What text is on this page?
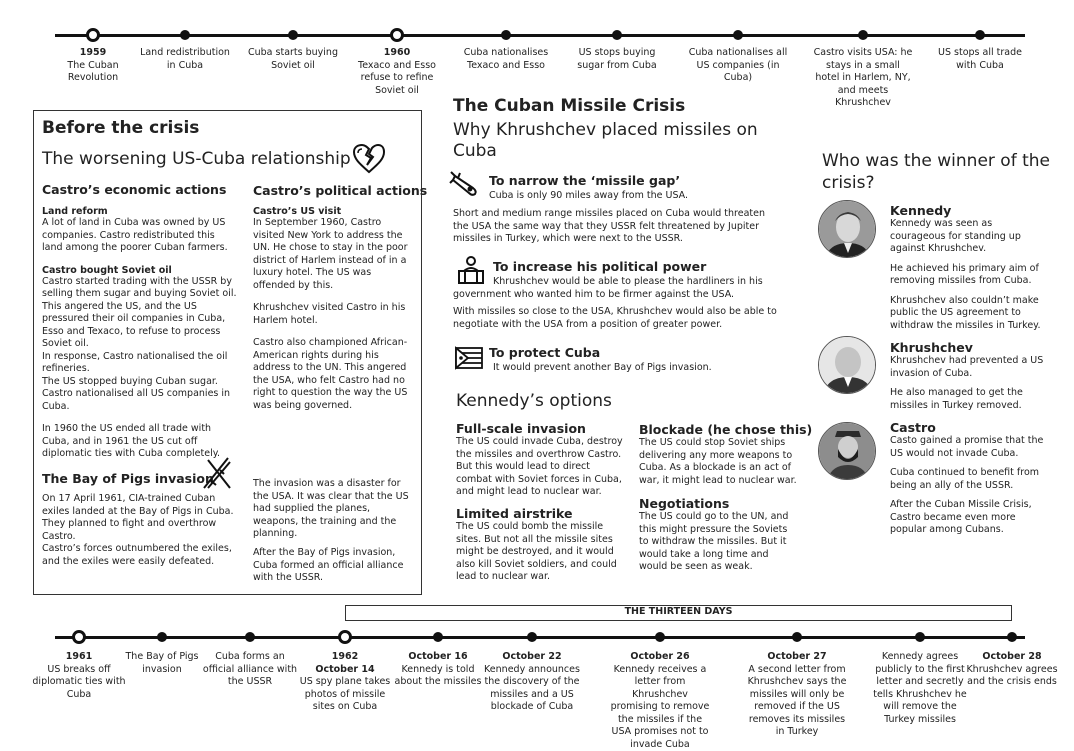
1959
The Cuban Revolution
Land redistribution in Cuba
Cuba starts buying Soviet oil
1960
Texaco and Esso refuse to refine Soviet oil
Cuba nationalises Texaco and Esso
US stops buying sugar from Cuba
Cuba nationalises all US companies (in Cuba)
Castro visits USA: he stays in a small hotel in Harlem, NY, and meets Khrushchev
US stops all trade with Cuba
Before the crisis
The worsening US-Cuba relationship
Castro’s economic actions
Land reform
A lot of land in Cuba was owned by US companies. Castro redistributed this land among the poorer Cuban farmers.
Castro bought Soviet oil
Castro started trading with the USSR by selling them sugar and buying Soviet oil. This angered the US, and the US pressured their oil companies in Cuba, Esso and Texaco, to refuse to process Soviet oil.
In response, Castro nationalised the oil refineries.
The US stopped buying Cuban sugar.
Castro nationalised all US companies in Cuba.
In 1960 the US ended all trade with Cuba, and in 1961 the US cut off diplomatic ties with Cuba completely.
Castro’s political actions
Castro’s US visit
In September 1960, Castro visited New York to address the UN. He chose to stay in the poor district of Harlem instead of in a luxury hotel. The US was offended by this.
Khrushchev visited Castro in his Harlem hotel.
Castro also championed African-American rights during his address to the UN. This angered the USA, who felt Castro had no right to question the way the US was being governed.
The Bay of Pigs invasion
On 17 April 1961, CIA-trained Cuban exiles landed at the Bay of Pigs in Cuba. They planned to fight and overthrow Castro.
Castro’s forces outnumbered the exiles, and the exiles were easily defeated.
The invasion was a disaster for the USA. It was clear that the US had supplied the planes, weapons, the training and the planning.
After the Bay of Pigs invasion, Cuba formed an official alliance with the USSR.
The Cuban Missile Crisis
Why Khrushchev placed missiles on Cuba
To narrow the ‘missile gap’
Cuba is only 90 miles away from the USA.
Short and medium range missiles placed on Cuba would threaten the USA the same way that they USSR felt threatened by Jupiter missiles in Turkey, which were next to the USSR.
To increase his political power
Khrushchev would be able to please the hardliners in his government who wanted him to be firmer against the USA.
With missiles so close to the USA, Khrushchev would also be able to negotiate with the USA from a position of greater power.
To protect Cuba
It would prevent another Bay of Pigs invasion.
Kennedy’s options
Full-scale invasion
The US could invade Cuba, destroy the missiles and overthrow Castro. But this would lead to direct combat with Soviet forces in Cuba, and might lead to nuclear war.
Limited airstrike
The US could bomb the missile sites. But not all the missile sites might be destroyed, and it would also kill Soviet soldiers, and could lead to nuclear war.
Blockade (he chose this)
The US could stop Soviet ships delivering any more weapons to Cuba. As a blockade is an act of war, it might lead to nuclear war.
Negotiations
The US could go to the UN, and this might pressure the Soviets to withdraw the missiles. But it would take a long time and would be seen as weak.
Who was the winner of the crisis?
Kennedy
Kennedy was seen as courageous for standing up against Khrushchev.
He achieved his primary aim of removing missiles from Cuba.
Khrushchev also couldn’t make public the US agreement to withdraw the missiles in Turkey.
Khrushchev
Khrushchev had prevented a US invasion of Cuba.
He also managed to get the missiles in Turkey removed.
Castro
Casto gained a promise that the US would not invade Cuba.
Cuba continued to benefit from being an ally of the USSR.
After the Cuban Missile Crisis, Castro became even more popular among Cubans.
THE THIRTEEN DAYS
1961
US breaks off diplomatic ties with Cuba
The Bay of Pigs invasion
Cuba forms an official alliance with the USSR
1962
October 14
US spy plane takes photos of missile sites on Cuba
October 16
Kennedy is told about the missiles
October 22
Kennedy announces the discovery of the missiles and a US blockade of Cuba
October 26
Kennedy receives a letter from Khrushchev promising to remove the missiles if the USA promises not to invade Cuba
October 27
A second letter from Khrushchev says the missiles will only be removed if the US removes its missiles in Turkey
Kennedy agrees publicly to the first letter and secretly tells Khrushchev he will remove the Turkey missiles
October 28
Khrushchev agrees and the crisis ends
